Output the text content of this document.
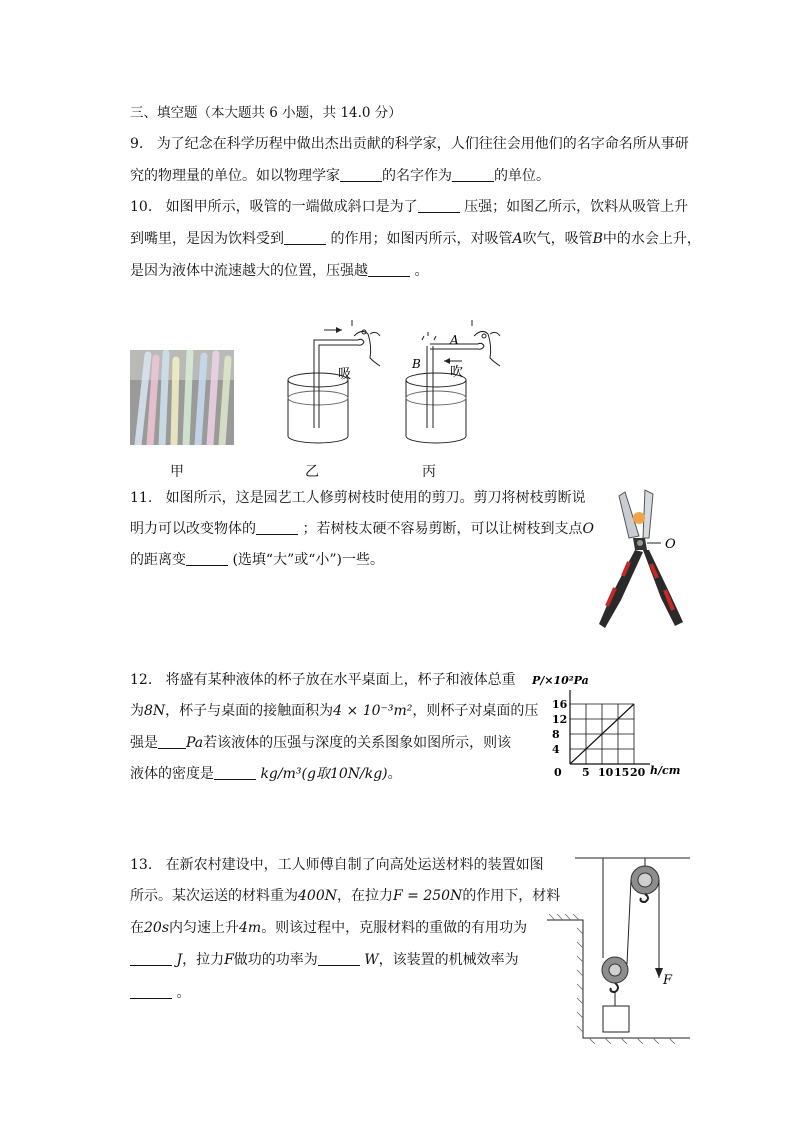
三、填空题（本大题共 6 小题，共 14.0 分）
9. 为了纪念在科学历程中做出杰出贡献的科学家，人们往往会用他们的名字命名所从事研
究的物理量的单位。如以物理学家	的名字作为	的单位。
10. 如图甲所示，吸管的一端做成斜口是为了	压强；如图乙所示，饮料从吸管上升
到嘴里，是因为饮料受到	的作用；如图丙所示，对吸管A吹气，吸管B中的水会上升，
是因为液体中流速越大的位置，压强越	。
甲
吸
乙
A
B
吹
丙
11. 如图所示，这是园艺工人修剪树枝时使用的剪刀。剪刀将树枝剪断说
明力可以改变物体的	；若树枝太硬不容易剪断，可以让树枝到支点O
的距离变	(选填“大”或“小”)一些。
O
12. 将盛有某种液体的杯子放在水平桌面上，杯子和液体总重
为8N，杯子与桌面的接触面积为4 × 10⁻³m²，则杯子对桌面的压
强是 Pa若该液体的压强与深度的关系图象如图所示，则该
液体的密度是	kg/m³(g取10N/kg)。
P/×10²Pa
h/cm
0 5 10 15 20
4
8
12
16
13. 在新农村建设中，工人师傅自制了向高处运送材料的装置如图
所示。某次运送的材料重为400N，在拉力F = 250N的作用下，材料
在20s内匀速上升4m。则该过程中，克服材料的重做的有用功为
J，拉力F做功的功率为	W，该装置的机械效率为
。
F
